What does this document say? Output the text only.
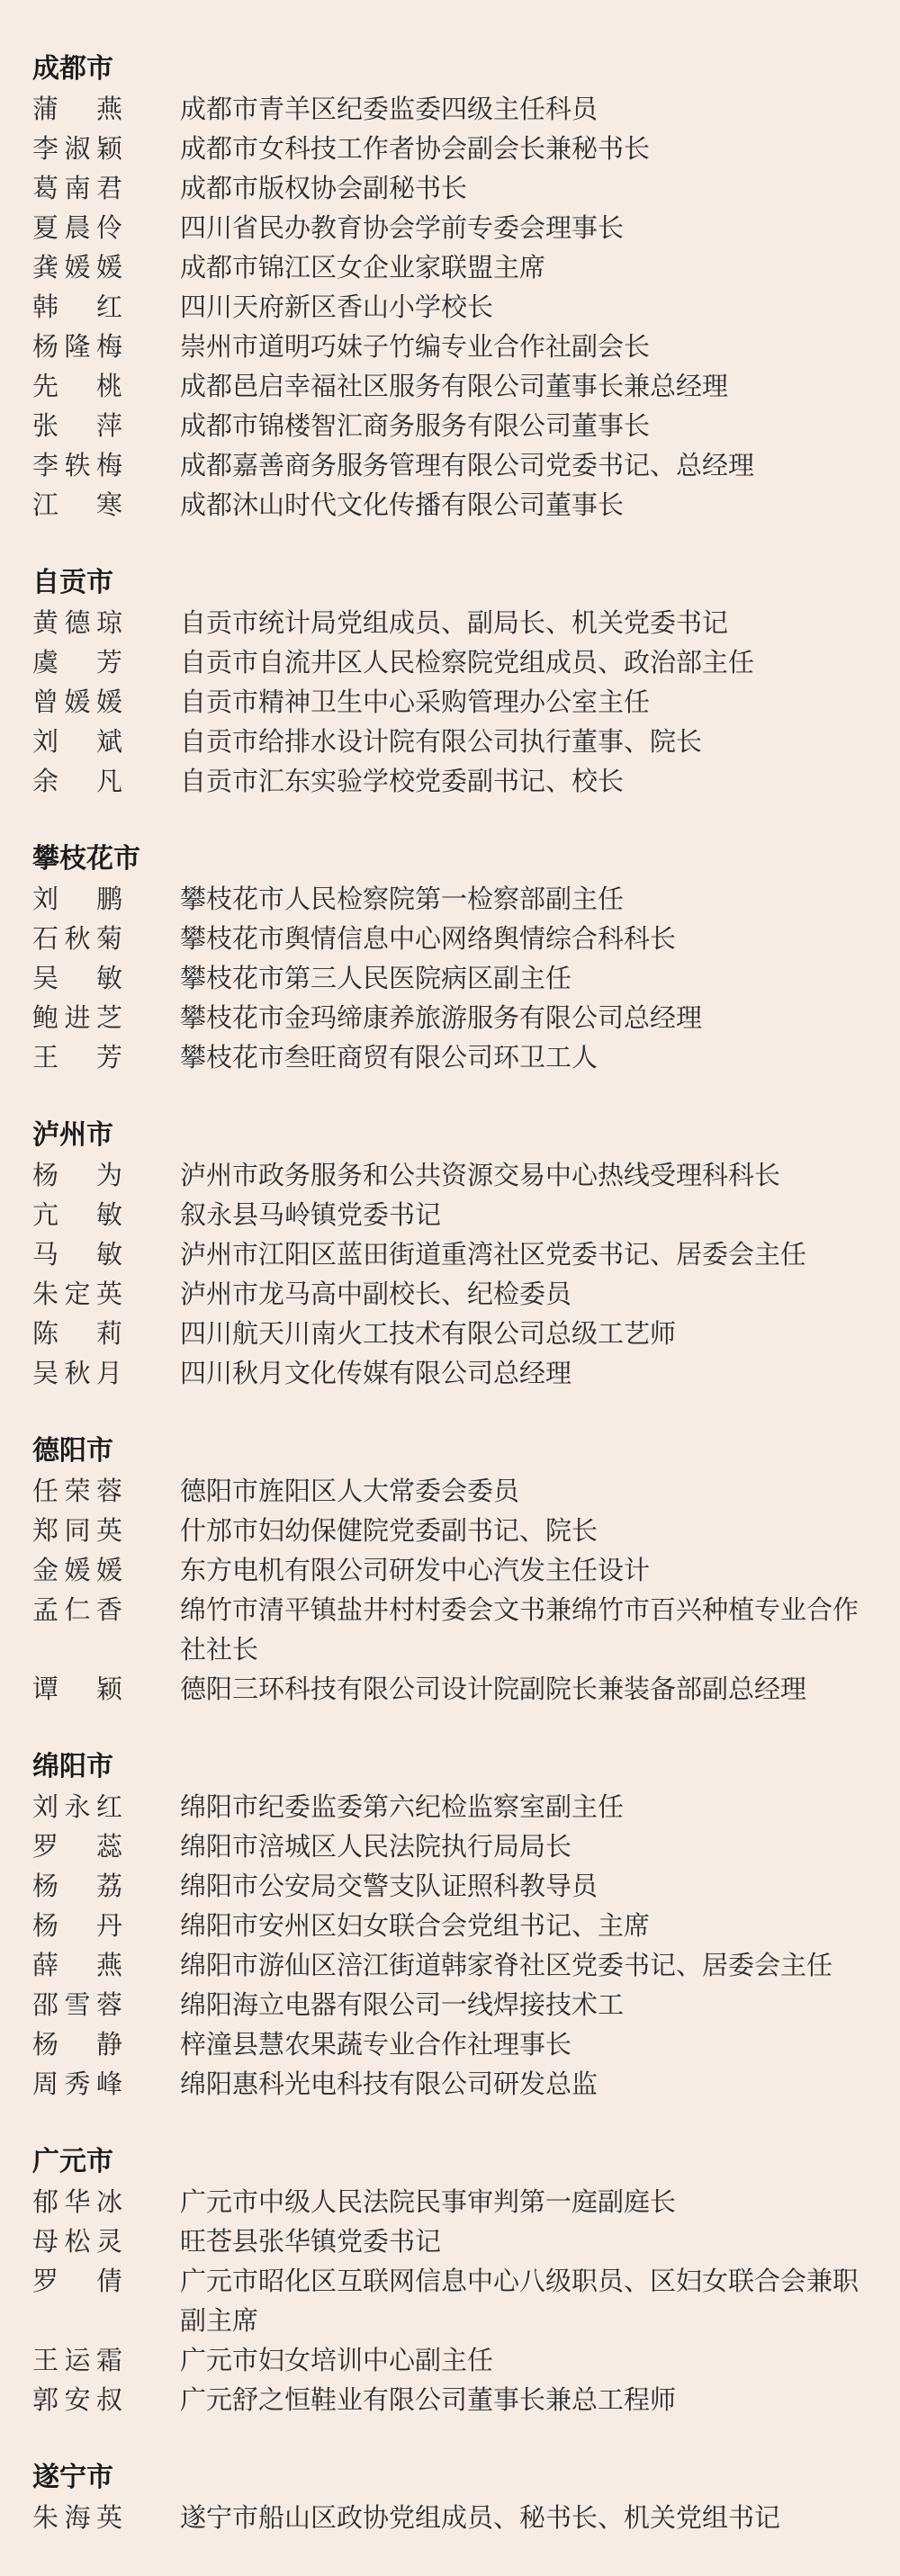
成都市
蒲　燕 成都市青羊区纪委监委四级主任科员
李淑颖 成都市女科技工作者协会副会长兼秘书长
葛南君 成都市版权协会副秘书长
夏晨伶 四川省民办教育协会学前专委会理事长
龚媛媛 成都市锦江区女企业家联盟主席
韩　红 四川天府新区香山小学校长
杨隆梅 崇州市道明巧妹子竹编专业合作社副会长
先　桃 成都邑启幸福社区服务有限公司董事长兼总经理
张　萍 成都市锦楼智汇商务服务有限公司董事长
李轶梅 成都嘉善商务服务管理有限公司党委书记、总经理
江　寒 成都沐山时代文化传播有限公司董事长
自贡市
黄德琼 自贡市统计局党组成员、副局长、机关党委书记
虞　芳 自贡市自流井区人民检察院党组成员、政治部主任
曾媛媛 自贡市精神卫生中心采购管理办公室主任
刘　斌 自贡市给排水设计院有限公司执行董事、院长
余　凡 自贡市汇东实验学校党委副书记、校长
攀枝花市
刘　鹏 攀枝花市人民检察院第一检察部副主任
石秋菊 攀枝花市舆情信息中心网络舆情综合科科长
吴　敏 攀枝花市第三人民医院病区副主任
鲍进芝 攀枝花市金玛缔康养旅游服务有限公司总经理
王　芳 攀枝花市叁旺商贸有限公司环卫工人
泸州市
杨　为 泸州市政务服务和公共资源交易中心热线受理科科长
亢　敏 叙永县马岭镇党委书记
马　敏 泸州市江阳区蓝田街道重湾社区党委书记、居委会主任
朱定英 泸州市龙马高中副校长、纪检委员
陈　莉 四川航天川南火工技术有限公司总级工艺师
吴秋月 四川秋月文化传媒有限公司总经理
德阳市
任荣蓉 德阳市旌阳区人大常委会委员
郑同英 什邡市妇幼保健院党委副书记、院长
金媛媛 东方电机有限公司研发中心汽发主任设计
孟仁香 绵竹市清平镇盐井村村委会文书兼绵竹市百兴种植专业合作社社长
谭　颖 德阳三环科技有限公司设计院副院长兼装备部副总经理
绵阳市
刘永红 绵阳市纪委监委第六纪检监察室副主任
罗　蕊 绵阳市涪城区人民法院执行局局长
杨　荔 绵阳市公安局交警支队证照科教导员
杨　丹 绵阳市安州区妇女联合会党组书记、主席
薛　燕 绵阳市游仙区涪江街道韩家脊社区党委书记、居委会主任
邵雪蓉 绵阳海立电器有限公司一线焊接技术工
杨　静 梓潼县慧农果蔬专业合作社理事长
周秀峰 绵阳惠科光电科技有限公司研发总监
广元市
郁华冰 广元市中级人民法院民事审判第一庭副庭长
母松灵 旺苍县张华镇党委书记
罗　倩 广元市昭化区互联网信息中心八级职员、区妇女联合会兼职副主席
王运霜 广元市妇女培训中心副主任
郭安叔 广元舒之恒鞋业有限公司董事长兼总工程师
遂宁市
朱海英 遂宁市船山区政协党组成员、秘书长、机关党组书记
